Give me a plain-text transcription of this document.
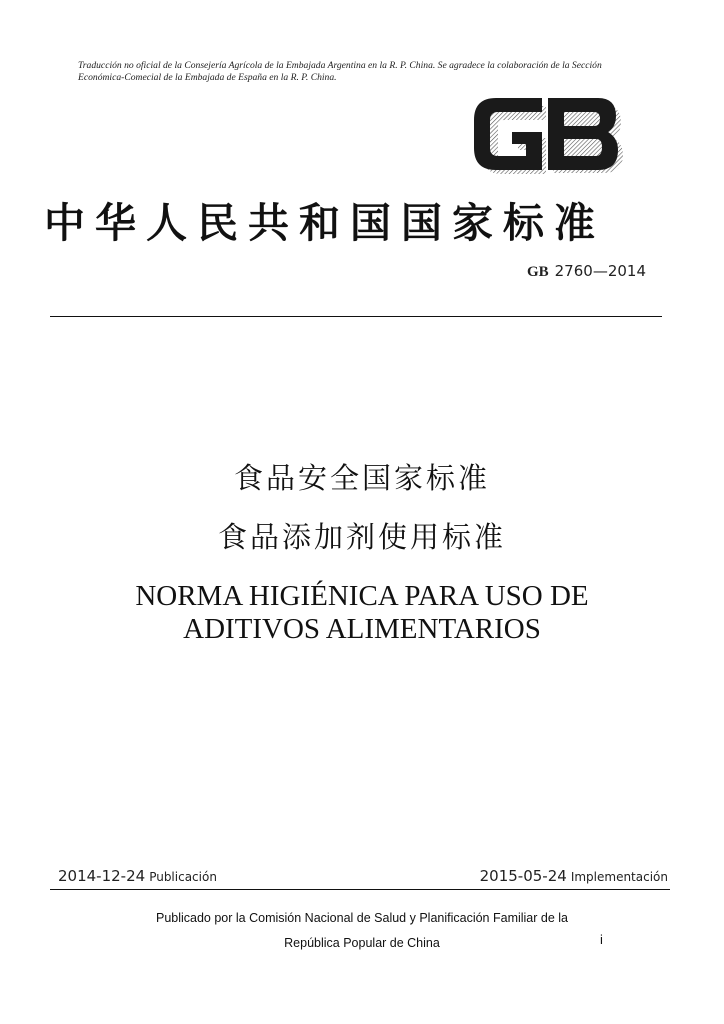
Traducción no oficial de la Consejería Agrícola de la Embajada Argentina en la R. P. China. Se agradece la colaboración de la Sección Económica-Comecial de la Embajada de España en la R. P. China.
中华人民共和国国家标准
GB 2760—2014
食品安全国家标准
食品添加剂使用标准
NORMA HIGIÉNICA PARA USO DE
ADITIVOS ALIMENTARIOS
2014-12-24 Publicación	2015-05-24 Implementación
Publicado por la Comisión Nacional de Salud y Planificación Familiar de la
República Popular de China	i
